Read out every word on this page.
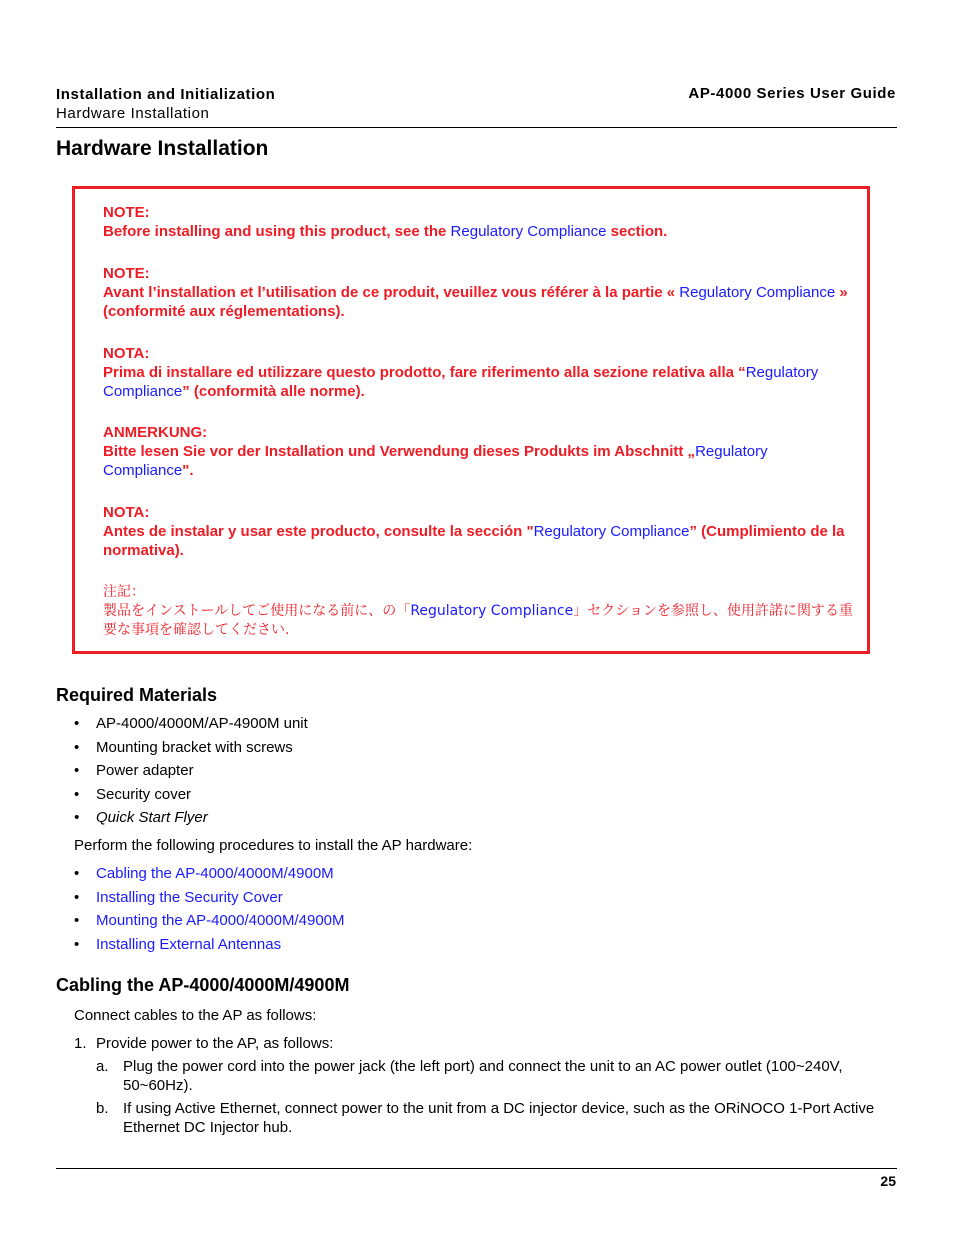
Installation and Initialization
Hardware Installation
AP-4000 Series User Guide
Hardware Installation
NOTE:
Before installing and using this product, see the Regulatory Compliance section.
NOTE:
Avant l’installation et l’utilisation de ce produit, veuillez vous référer à la partie « Regulatory Compliance » (conformité aux réglementations).
NOTA:
Prima di installare ed utilizzare questo prodotto, fare riferimento alla sezione relativa alla “Regulatory Compliance” (conformità alle norme).
ANMERKUNG:
Bitte lesen Sie vor der Installation und Verwendung dieses Produkts im Abschnitt „Regulatory Compliance".
NOTA:
Antes de instalar y usar este producto, consulte la sección "Regulatory Compliance” (Cumplimiento de la normativa).
注記：
製品をインストールしてご使用になる前に、の「Regulatory Compliance」セクションを参照し、使用許諾に関する重要な事項を確認してください.
Required Materials
• AP-4000/4000M/AP-4900M unit
• Mounting bracket with screws
• Power adapter
• Security cover
• Quick Start Flyer
Perform the following procedures to install the AP hardware:
• Cabling the AP-4000/4000M/4900M
• Installing the Security Cover
• Mounting the AP-4000/4000M/4900M
• Installing External Antennas
Cabling the AP-4000/4000M/4900M
Connect cables to the AP as follows:
1. Provide power to the AP, as follows:
a. Plug the power cord into the power jack (the left port) and connect the unit to an AC power outlet (100~240V, 50~60Hz).
b. If using Active Ethernet, connect power to the unit from a DC injector device, such as the ORiNOCO 1-Port Active Ethernet DC Injector hub.
25
